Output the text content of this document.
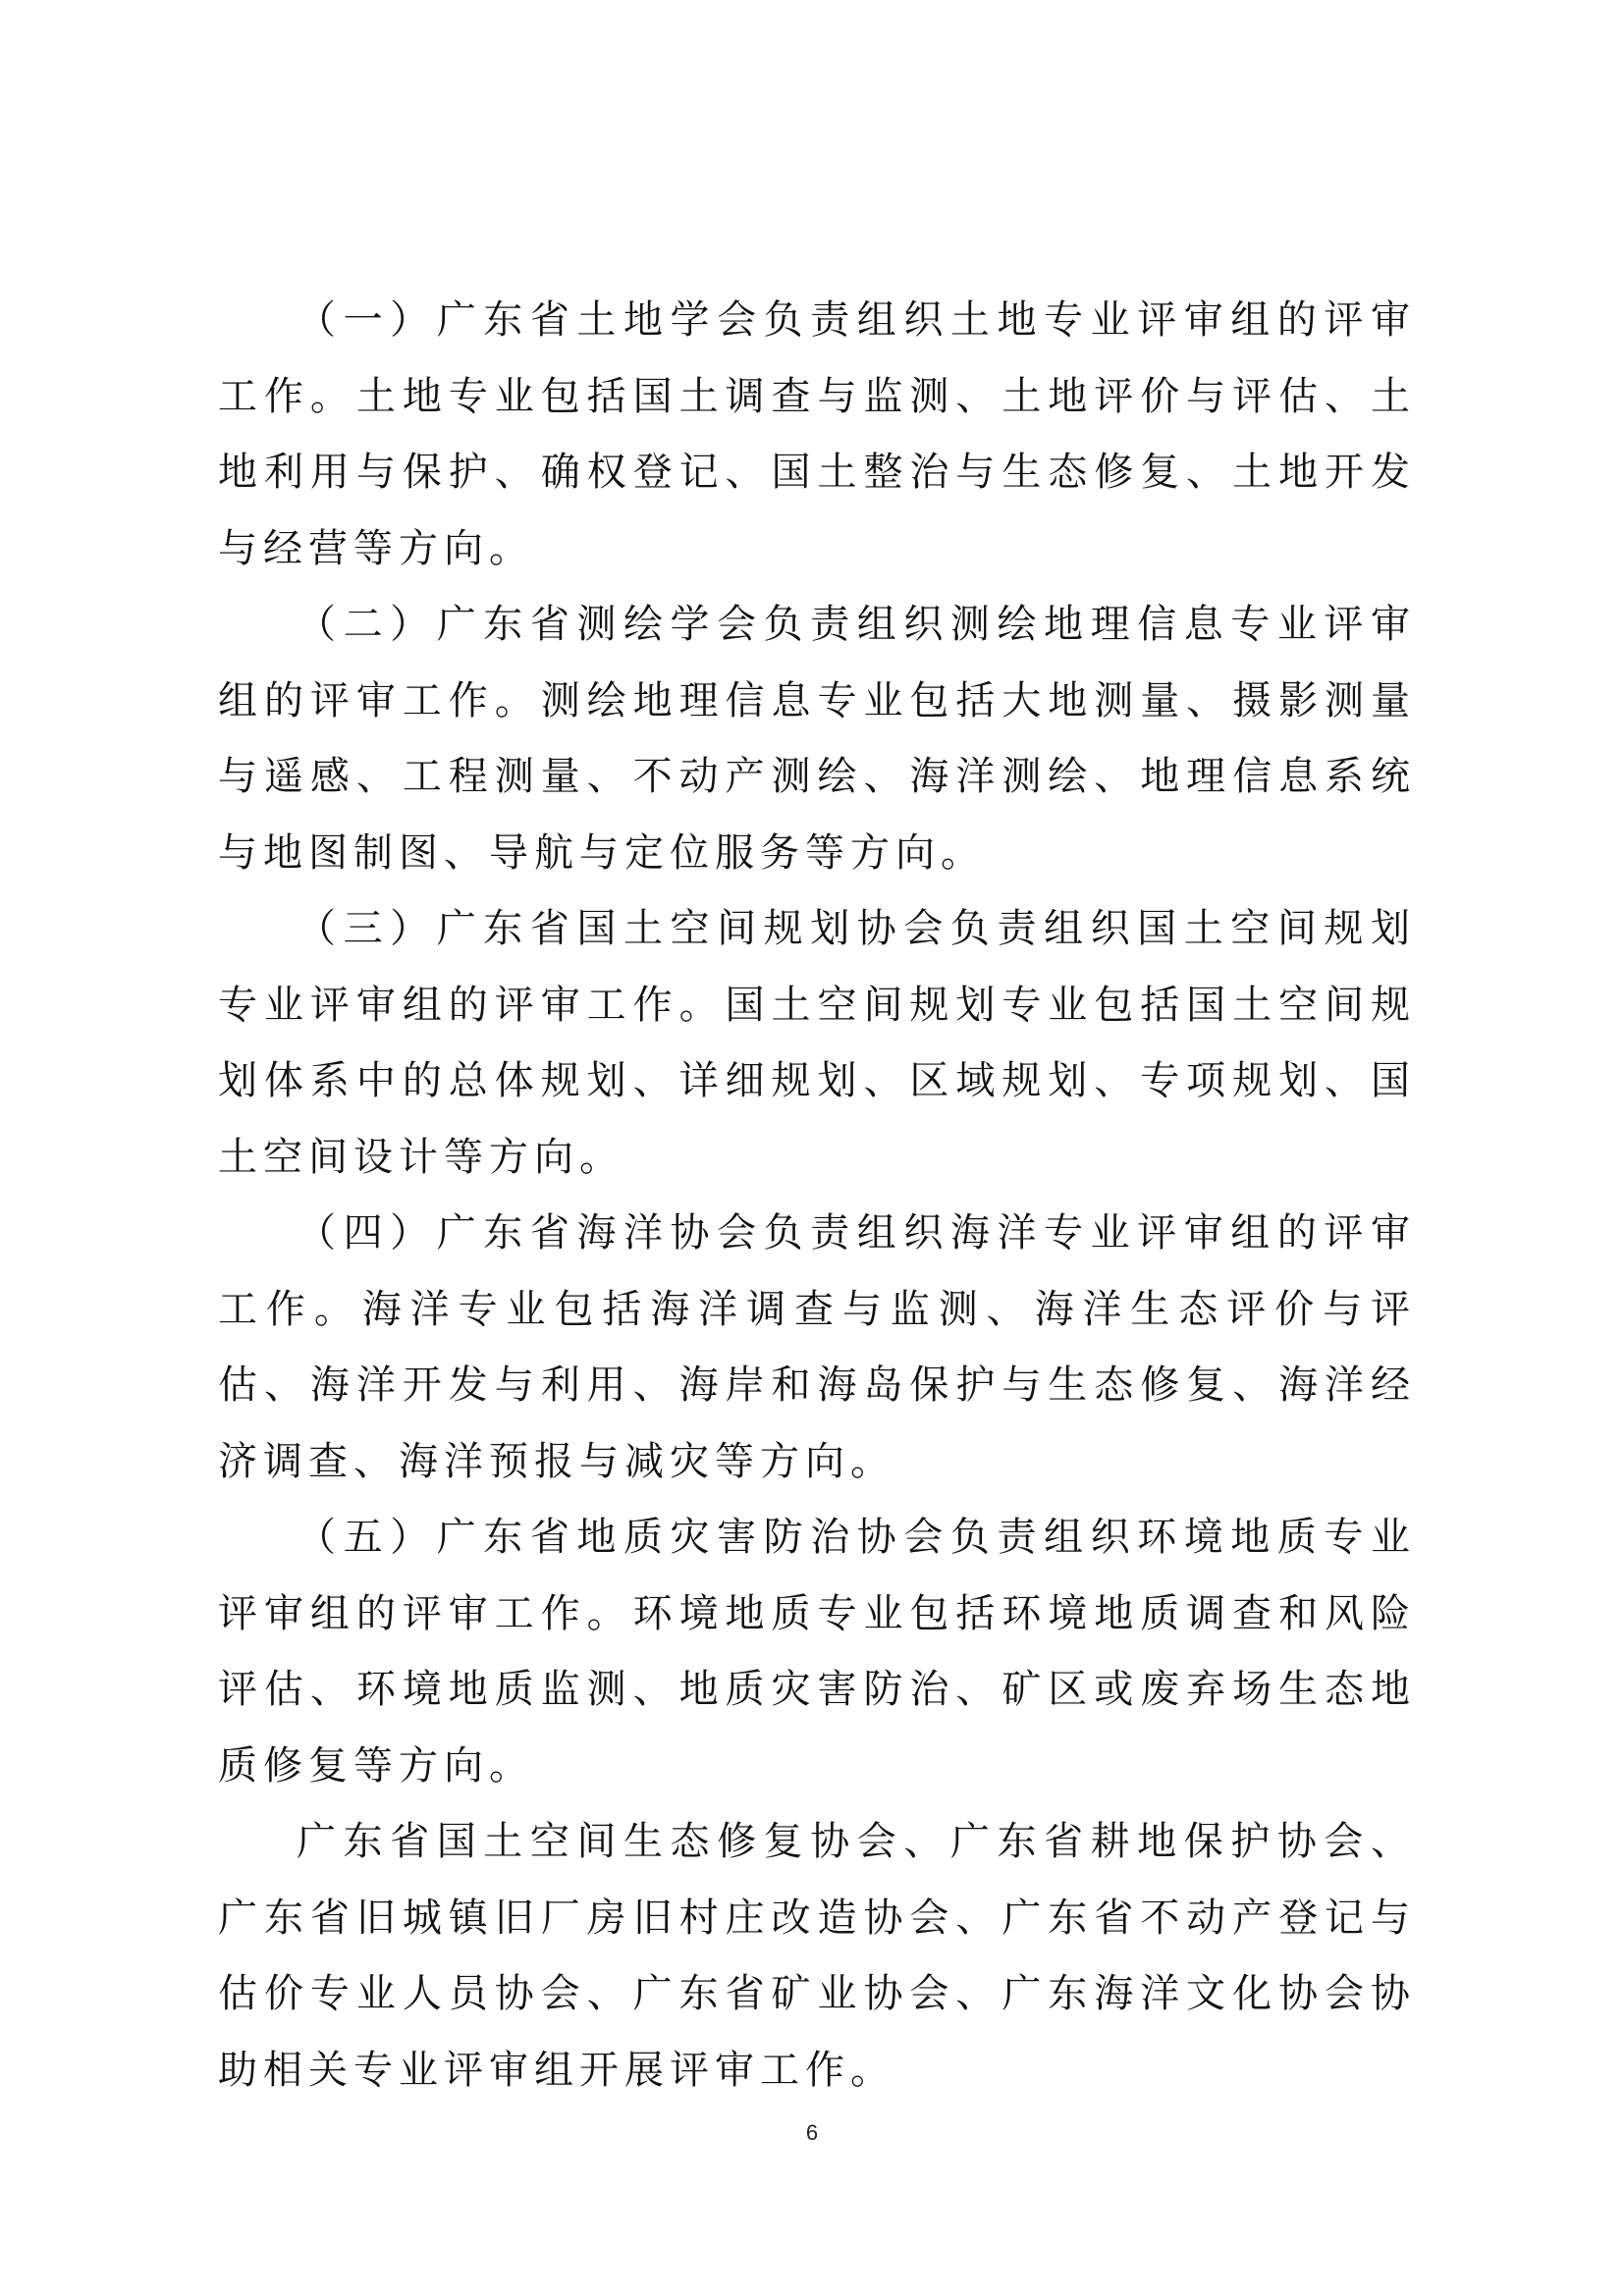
（一）广东省土地学会负责组织土地专业评审组的评审工作。土地专业包括国土调查与监测、土地评价与评估、土地利用与保护、确权登记、国土整治与生态修复、土地开发与经营等方向。

（二）广东省测绘学会负责组织测绘地理信息专业评审组的评审工作。测绘地理信息专业包括大地测量、摄影测量与遥感、工程测量、不动产测绘、海洋测绘、地理信息系统与地图制图、导航与定位服务等方向。

（三）广东省国土空间规划协会负责组织国土空间规划专业评审组的评审工作。国土空间规划专业包括国土空间规划体系中的总体规划、详细规划、区域规划、专项规划、国土空间设计等方向。

（四）广东省海洋协会负责组织海洋专业评审组的评审工作。海洋专业包括海洋调查与监测、海洋生态评价与评估、海洋开发与利用、海岸和海岛保护与生态修复、海洋经济调查、海洋预报与减灾等方向。

（五）广东省地质灾害防治协会负责组织环境地质专业评审组的评审工作。环境地质专业包括环境地质调查和风险评估、环境地质监测、地质灾害防治、矿区或废弃场生态地质修复等方向。

广东省国土空间生态修复协会、广东省耕地保护协会、广东省旧城镇旧厂房旧村庄改造协会、广东省不动产登记与估价专业人员协会、广东省矿业协会、广东海洋文化协会协助相关专业评审组开展评审工作。

6
